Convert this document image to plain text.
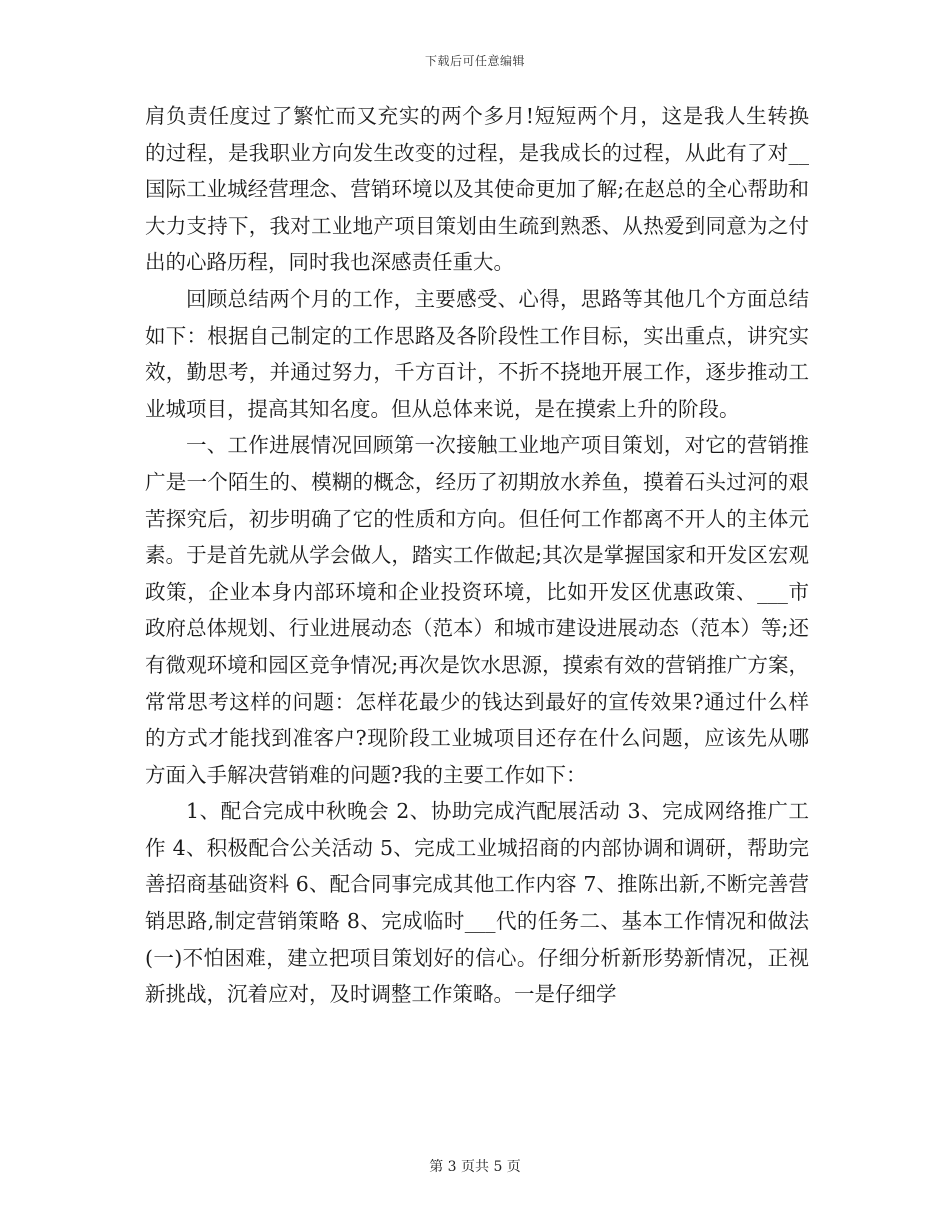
下载后可任意编辑

肩负责任度过了繁忙而又充实的两个多月!短短两个月，这是我人生转换的过程，是我职业方向发生改变的过程，是我成长的过程，从此有了对__国际工业城经营理念、营销环境以及其使命更加了解;在赵总的全心帮助和大力支持下，我对工业地产项目策划由生疏到熟悉、从热爱到同意为之付出的心路历程，同时我也深感责任重大。

回顾总结两个月的工作，主要感受、心得，思路等其他几个方面总结如下：根据自己制定的工作思路及各阶段性工作目标，实出重点，讲究实效，勤思考，并通过努力，千方百计，不折不挠地开展工作，逐步推动工业城项目，提高其知名度。但从总体来说，是在摸索上升的阶段。

一、工作进展情况回顾第一次接触工业地产项目策划，对它的营销推广是一个陌生的、模糊的概念，经历了初期放水养鱼，摸着石头过河的艰苦探究后，初步明确了它的性质和方向。但任何工作都离不开人的主体元素。于是首先就从学会做人，踏实工作做起;其次是掌握国家和开发区宏观政策，企业本身内部环境和企业投资环境，比如开发区优惠政策、___市政府总体规划、行业进展动态（范本）和城市建设进展动态（范本）等;还有微观环境和园区竞争情况;再次是饮水思源，摸索有效的营销推广方案，常常思考这样的问题：怎样花最少的钱达到最好的宣传效果?通过什么样的方式才能找到准客户?现阶段工业城项目还存在什么问题，应该先从哪方面入手解决营销难的问题?我的主要工作如下：

1、配合完成中秋晚会 2、协助完成汽配展活动 3、完成网络推广工作 4、积极配合公关活动 5、完成工业城招商的内部协调和调研，帮助完善招商基础资料 6、配合同事完成其他工作内容 7、推陈出新,不断完善营销思路,制定营销策略 8、完成临时___代的任务二、基本工作情况和做法(一)不怕困难，建立把项目策划好的信心。仔细分析新形势新情况，正视新挑战，沉着应对，及时调整工作策略。一是仔细学

第 3 页共 5 页
